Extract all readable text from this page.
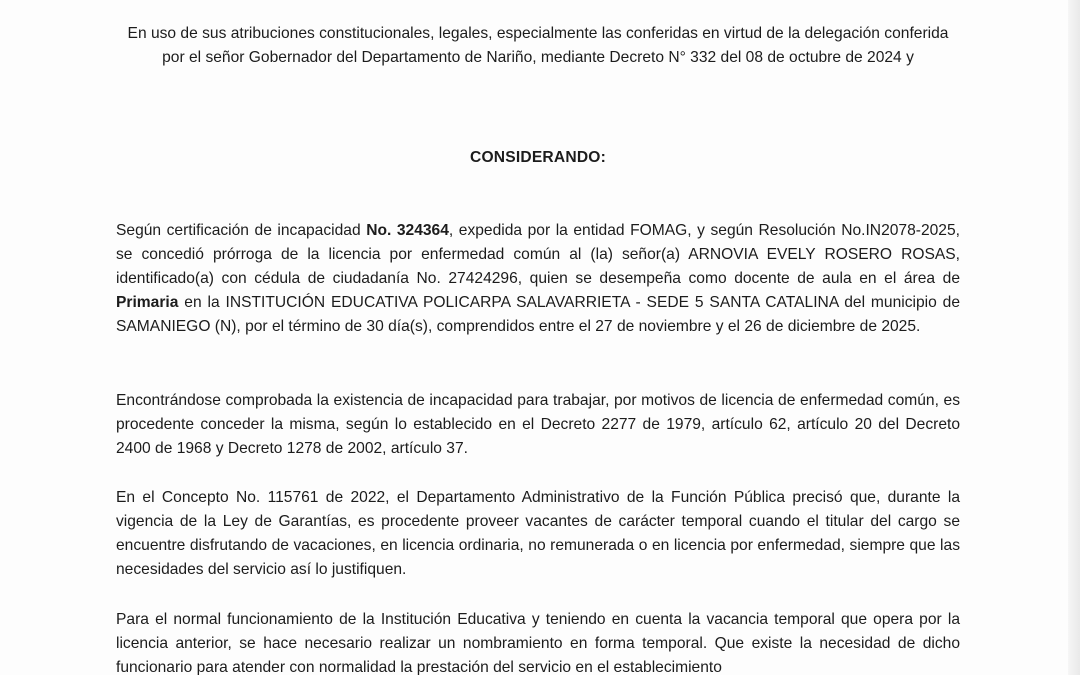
En uso de sus atribuciones constitucionales, legales, especialmente las conferidas en virtud de la delegación conferida por el señor Gobernador del Departamento de Nariño, mediante Decreto N° 332 del 08 de octubre de 2024 y
CONSIDERANDO:

Según certificación de incapacidad No. 324364, expedida por la entidad FOMAG, y según Resolución No.IN2078-2025, se concedió prórroga de la licencia por enfermedad común al (la) señor(a) ARNOVIA EVELY ROSERO ROSAS, identificado(a) con cédula de ciudadanía No. 27424296, quien se desempeña como docente de aula en el área de Primaria en la INSTITUCIÓN EDUCATIVA POLICARPA SALAVARRIETA - SEDE 5 SANTA CATALINA del municipio de SAMANIEGO (N), por el término de 30 día(s), comprendidos entre el 27 de noviembre y el 26 de diciembre de 2025.

Encontrándose comprobada la existencia de incapacidad para trabajar, por motivos de licencia de enfermedad común, es procedente conceder la misma, según lo establecido en el Decreto 2277 de 1979, artículo 62, artículo 20 del Decreto 2400 de 1968 y Decreto 1278 de 2002, artículo 37.

En el Concepto No. 115761 de 2022, el Departamento Administrativo de la Función Pública precisó que, durante la vigencia de la Ley de Garantías, es procedente proveer vacantes de carácter temporal cuando el titular del cargo se encuentre disfrutando de vacaciones, en licencia ordinaria, no remunerada o en licencia por enfermedad, siempre que las necesidades del servicio así lo justifiquen.

Para el normal funcionamiento de la Institución Educativa y teniendo en cuenta la vacancia temporal que opera por la licencia anterior, se hace necesario realizar un nombramiento en forma temporal. Que existe la necesidad de dicho funcionario para atender con normalidad la prestación del servicio en el establecimiento
